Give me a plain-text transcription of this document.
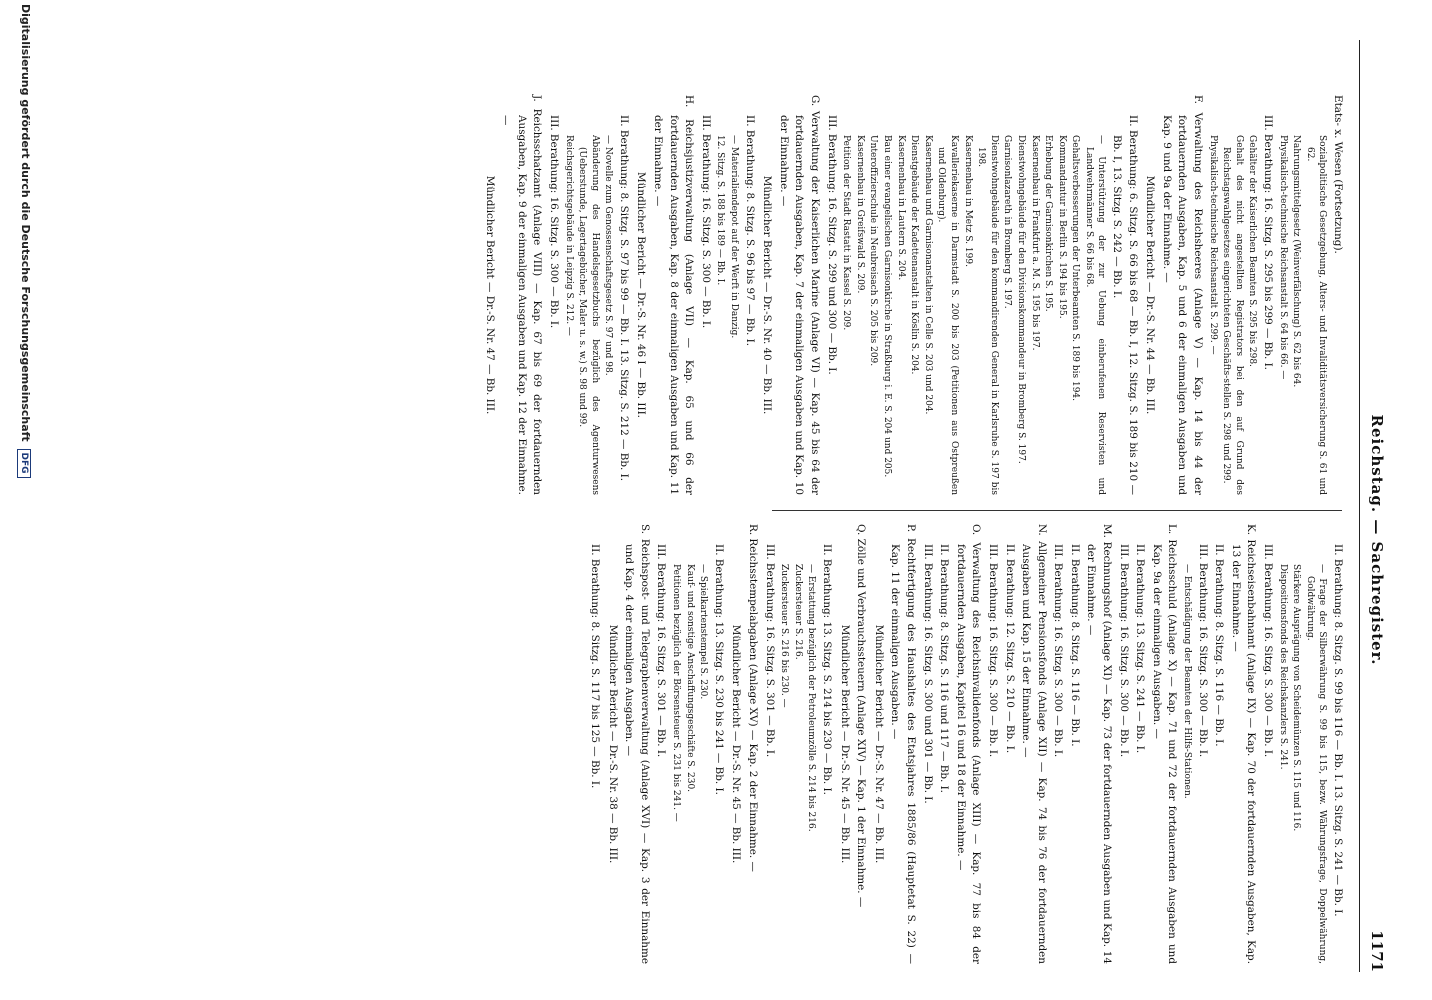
Reichstag. — Sachregister.
1171

Etats- x. Wesen (Fortsetzung).

Sozialpolitische Gesetzgebung, Alters- und Invaliditätsversicherung S. 61 und 62.

Nahrungsmittelgesetz (Weinverfälschung) S. 62 bis 64.

Physikalisch-technische Reichsanstalt S. 64 bis 66. —

III. Berathung: 16. Sitzg. S. 295 bis 299 — Bb. I.

Gehälter der Kaiserlichen Beamten S. 295 bis 298.

Gehalt des nicht angestellten Registrators bei den auf Grund des Reichstagswahlgesetzes eingerichteten Geschäfts-stellen S. 298 und 299.

Physikalisch-technische Reichsanstalt S. 299. —

F. Verwaltung des Reichsheeres (Anlage V) — Kap. 14 bis 44 der fortdauernden Ausgaben, Kap. 5 und 6 der einmaligen Ausgaben und Kap. 9 und 9a der Einnahme. —

Mündlicher Bericht — Dr.-S. Nr. 44 — Bb. III.

II. Berathung: 6. Sitzg. S. 66 bis 68 — Bb. I, 12. Sitzg. S. 189 bis 210 — Bb. I, 13. Sitzg. S. 242 — Bb. I.

— Unterstützung der zur Uebung einberufenen Reservisten und Landwehrmänner S. 66 bis 68.

Gehaltsverbesserungen der Unterbeamten S. 189 bis 194.

Kommandantur in Berlin S. 194 bis 195.

Erhebung der Garnisonkirchen S. 195.

Kasernenbau in Frankfurt a. M. S. 195 bis 197.

Dienstwohngebäude für den Divisionskommandeur in Bromberg S. 197.

Garnisonlazareth in Bromberg S. 197.

Dienstwohngebäude für den kommandirenden General in Karlsruhe S. 197 bis 198.

Kasernenbau in Metz S. 199.

Kavalleriekaserne in Darmstadt S. 200 bis 203 (Petitionen aus Ostpreußen und Oldenburg).

Kasernenbau und Garnisonanstalten in Celle S. 203 und 204.

Dienstgebäude der Kadettenanstalt in Köslin S. 204.

Kasernenbau in Lautern S. 204.

Bau einer evangelischen Garnisonkirche in Straßburg i. E. S. 204 und 205.

Unteroffizierschule in Neubreisach S. 205 bis 209.

Kasernenbau in Greifswald S. 209.

Petition der Stadt Rastatt in Kassel S. 209.

III. Berathung: 16. Sitzg. S. 299 und 300 — Bb. I.

G. Verwaltung der Kaiserlichen Marine (Anlage VI) — Kap. 45 bis 64 der fortdauernden Ausgaben, Kap. 7 der einmaligen Ausgaben und Kap. 10 der Einnahme. —

Mündlicher Bericht — Dr.-S. Nr. 40 — Bb. III.

II. Berathung: 8. Sitzg. S. 96 bis 97 — Bb. I.

— Materialiendepot auf der Werft in Danzig.

12. Sitzg. S. 188 bis 189 — Bb. I.

III. Berathung: 16. Sitzg. S. 300 — Bb. I.

H. Reichsjustizverwaltung (Anlage VII) — Kap. 65 und 66 der fortdauernden Ausgaben, Kap. 8 der einmaligen Ausgaben und Kap. 11 der Einnahme. —

Mündlicher Bericht — Dr.-S. Nr. 46 I — Bb. III.

II. Berathung: 8. Sitzg. S. 97 bis 99 — Bb. I. 13. Sitzg. S. 212 — Bb. I.

— Novelle zum Genossenschaftsgesetz S. 97 und 98.

Abänderung des Handelsgesetzbuchs bezüglich des Agenturwesens (Ueberstunde, Lagertagebücher, Maler u. s. w.) S. 98 und 99.

Reichsgerichtsgebäude in Leipzig S. 212. —

III. Berathung: 16. Sitzg. S. 300 — Bb. I.

J. Reichsschatzamt (Anlage VIII) — Kap. 67 bis 69 der fortdauernden Ausgaben, Kap. 9 der einmaligen Ausgaben und Kap. 12 der Einnahme. —

Mündlicher Bericht — Dr.-S. Nr. 47 — Bb. III.

II. Berathung: 8. Sitzg. S. 99 bis 116 — Bb. I. 13. Sitzg. S. 241 — Bb. I.

— Frage der Silberwährung S. 99 bis 115, bezw. Währungsfrage, Doppelwährung, Goldwährung.

Stärkere Ausprägung von Scheidemünzen S. 115 und 116.

Dispositionsfonds des Reichskanzlers S. 241.

III. Berathung: 16. Sitzg. S. 300 — Bb. I.

K. Reichseisenbahnamt (Anlage IX) — Kap. 70 der fortdauernden Ausgaben, Kap. 13 der Einnahme. —

II. Berathung: 8. Sitzg. S. 116 — Bb. I.

III. Berathung: 16. Sitzg. S. 300 — Bb. I.

— Entschädigung der Beamten der Hilfs-Stationen.

L. Reichsschuld (Anlage X) — Kap. 71 und 72 der fortdauernden Ausgaben und Kap. 9a der einmaligen Ausgaben. —

II. Berathung: 13. Sitzg. S. 241 — Bb. I.

III. Berathung: 16. Sitzg. S. 300 — Bb. I.

M. Rechnungshof (Anlage XI) — Kap. 73 der fortdauernden Ausgaben und Kap. 14 der Einnahme. —

II. Berathung: 8. Sitzg. S. 116 — Bb. I.

III. Berathung: 16. Sitzg. S. 300 — Bb. I.

N. Allgemeiner Pensionsfonds (Anlage XII) — Kap. 74 bis 76 der fortdauernden Ausgaben und Kap. 15 der Einnahme. —

II. Berathung: 12. Sitzg. S. 210 — Bb. I.

III. Berathung: 16. Sitzg. S. 300 — Bb. I.

O. Verwaltung des Reichsinvalidenfonds (Anlage XIII) — Kap. 77 bis 84 der fortdauernden Ausgaben, Kapitel 16 und 18 der Einnahme. —

II. Berathung: 8. Sitzg. S. 116 und 117 — Bb. I.

III. Berathung: 16. Sitzg. S. 300 und 301 — Bb. I.

P. Rechtfertigung des Haushaltes des Etatsjahres 1885/86 (Hauptetat S. 22) — Kap. 11 der einmaligen Ausgaben. —

Mündlicher Bericht — Dr.-S. Nr. 47 — Bb. III.

Q. Zölle und Verbrauchssteuern (Anlage XIV) — Kap. 1 der Einnahme. —

Mündlicher Bericht — Dr.-S. Nr. 45 — Bb. III.

II. Berathung: 13. Sitzg. S. 214 bis 230 — Bb. I.

— Erstattung bezüglich der Petroleumzölle S. 214 bis 216.

Zuckersteuer S. 216.

Zuckersteuer S. 216 bis 230. —

III. Berathung: 16. Sitzg. S. 301 — Bb. I.

R. Reichsstempelabgaben (Anlage XV) — Kap. 2 der Einnahme. —

Mündlicher Bericht — Dr.-S. Nr. 45 — Bb. III.

II. Berathung: 13. Sitzg. S. 230 bis 241 — Bb. I.

— Spielkartenstempel S. 230.

Kauf- und sonstige Anschaffungsgeschäfte S. 230.

Petitionen bezüglich der Börsensteuer S. 231 bis 241. —

III. Berathung: 16. Sitzg. S. 301 — Bb. I.

S. Reichspost- und Telegraphenverwaltung (Anlage XVI) — Kap. 3 der Einnahme und Kap. 4 der einmaligen Ausgaben. —

Mündlicher Bericht — Dr.-S. Nr. 38 — Bb. III.

II. Berathung: 8. Sitzg. S. 117 bis 125 — Bb. I.

Digitalisierung gefördert durch die Deutsche Forschungsgemeinschaft DFG
